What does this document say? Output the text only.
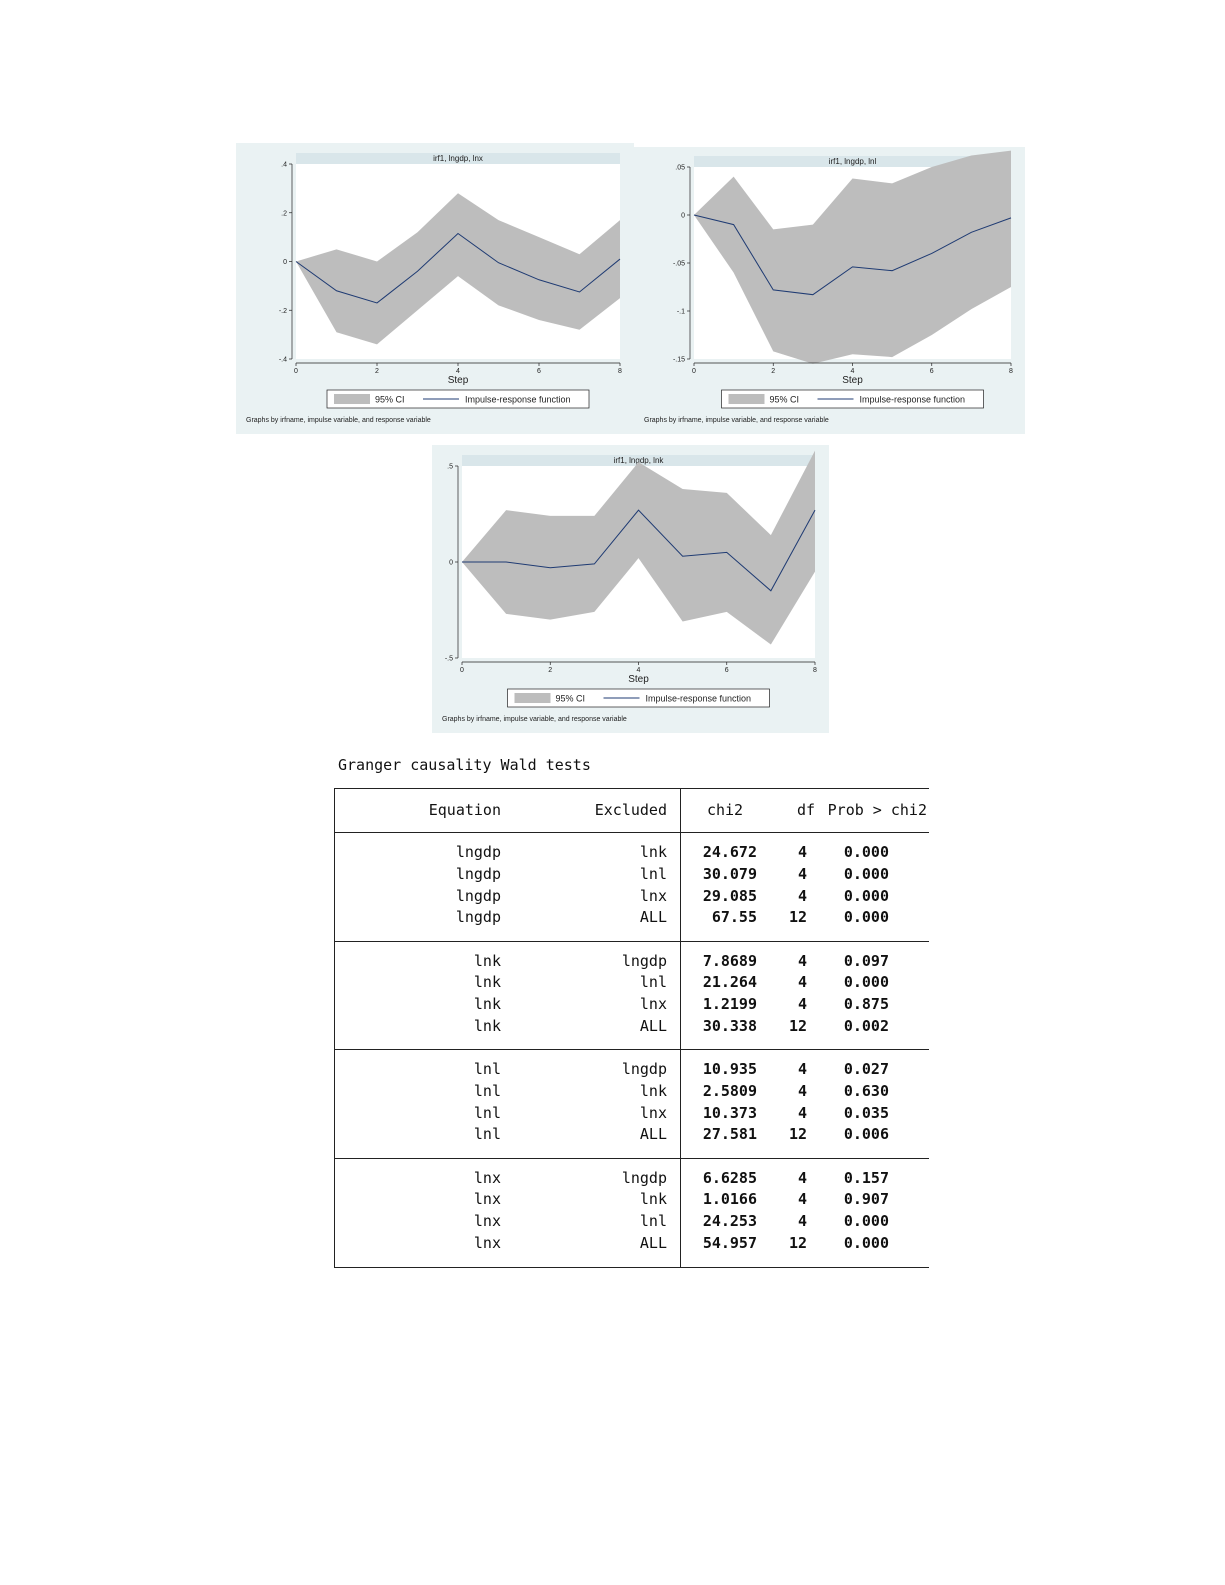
irf1, lngdp, lnx
-.4
-.2
0
.2
.4
0	2	4	6	8
Step
95% CI	Impulse-response function
Graphs by irfname, impulse variable, and response variable
irf1, lngdp, lnl
-.15
-.1
-.05
0
.05
0	2	4	6	8
Step
95% CI	Impulse-response function
Graphs by irfname, impulse variable, and response variable
irf1, lngdp, lnk
-.5
0
.5
0	2	4	6	8
Step
95% CI	Impulse-response function
Graphs by irfname, impulse variable, and response variable
Granger causality Wald tests
Equation	Excluded	chi2	df Prob > chi2
lngdp	lnk	24.672	4	0.000
lngdp	lnl	30.079	4	0.000
lngdp	lnx	29.085	4	0.000
lngdp	ALL	67.55	12	0.000
lnk	lngdp	7.8689	4	0.097
lnk	lnl	21.264	4	0.000
lnk	lnx	1.2199	4	0.875
lnk	ALL	30.338	12	0.002
lnl	lngdp	10.935	4	0.027
lnl	lnk	2.5809	4	0.630
lnl	lnx	10.373	4	0.035
lnl	ALL	27.581	12	0.006
lnx	lngdp	6.6285	4	0.157
lnx	lnk	1.0166	4	0.907
lnx	lnl	24.253	4	0.000
lnx	ALL	54.957	12	0.000
